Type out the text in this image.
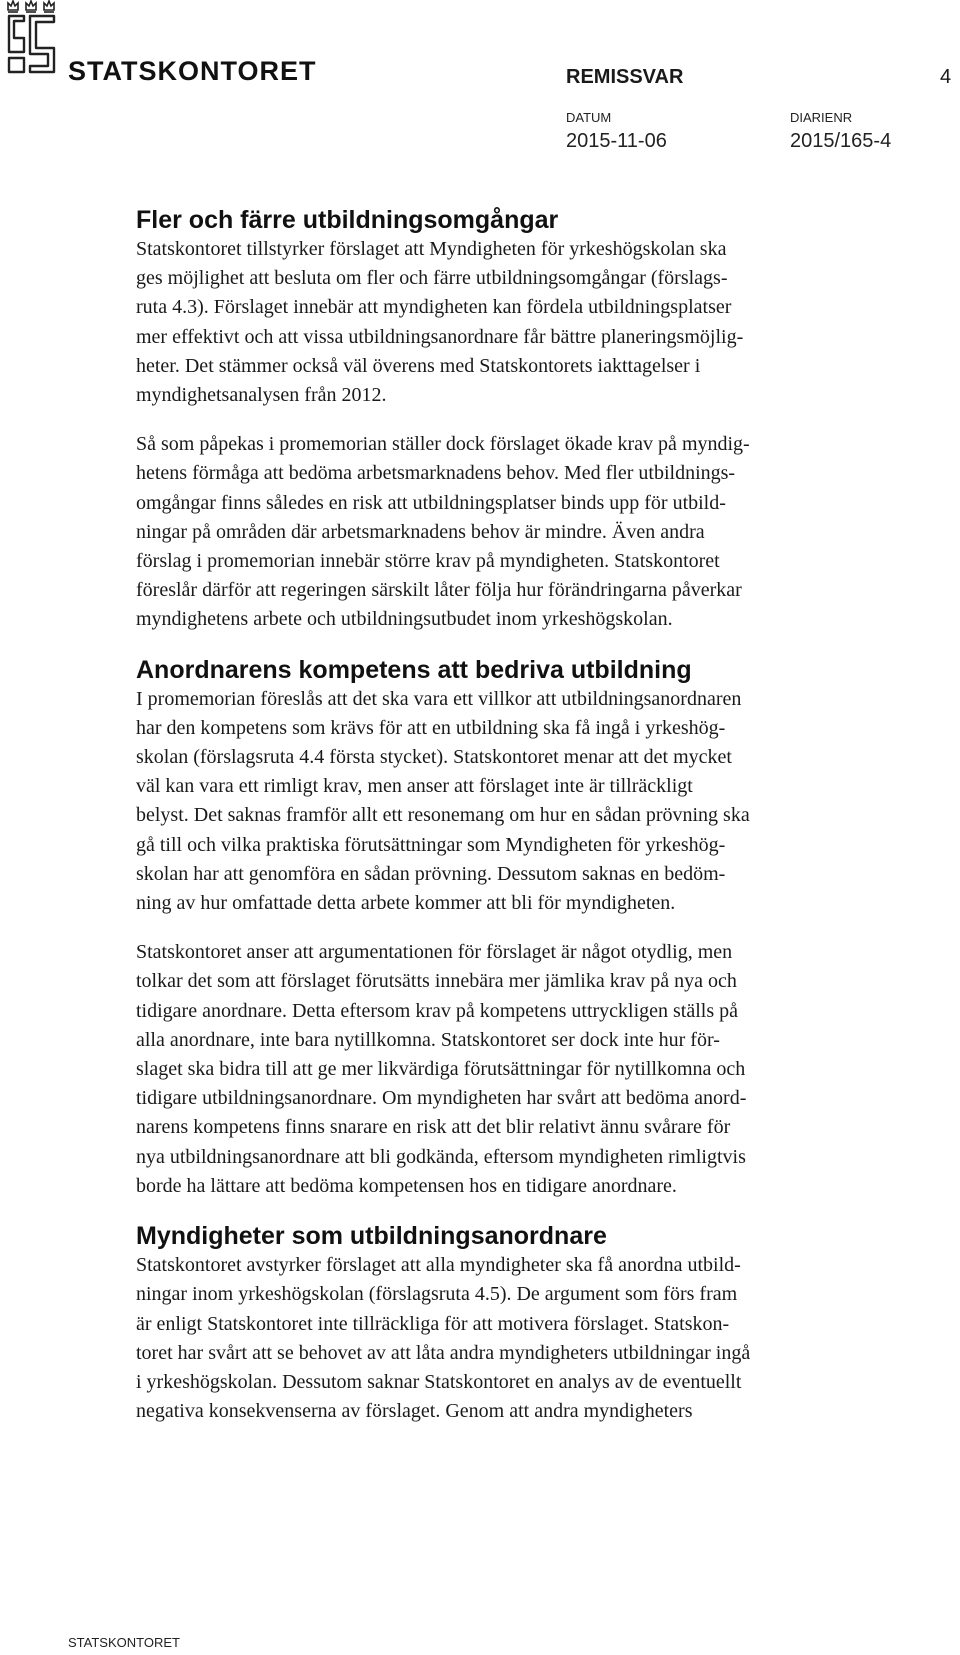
STATSKONTORET	REMISSVAR	4
DATUM
2015-11-06
DIARIENR
2015/165-4
Fler och färre utbildningsomgångar

Statskontoret tillstyrker förslaget att Myndigheten för yrkeshögskolan ska
ges möjlighet att besluta om fler och färre utbildningsomgångar (förslags-
ruta 4.3). Förslaget innebär att myndigheten kan fördela utbildningsplatser
mer effektivt och att vissa utbildningsanordnare får bättre planeringsmöjlig-
heter. Det stämmer också väl överens med Statskontorets iakttagelser i
myndighetsanalysen från 2012.

Så som påpekas i promemorian ställer dock förslaget ökade krav på myndig-
hetens förmåga att bedöma arbetsmarknadens behov. Med fler utbildnings-
omgångar finns således en risk att utbildningsplatser binds upp för utbild-
ningar på områden där arbetsmarknadens behov är mindre. Även andra
förslag i promemorian innebär större krav på myndigheten. Statskontoret
föreslår därför att regeringen särskilt låter följa hur förändringarna påverkar
myndighetens arbete och utbildningsutbudet inom yrkeshögskolan.

Anordnarens kompetens att bedriva utbildning

I promemorian föreslås att det ska vara ett villkor att utbildningsanordnaren
har den kompetens som krävs för att en utbildning ska få ingå i yrkeshög-
skolan (förslagsruta 4.4 första stycket). Statskontoret menar att det mycket
väl kan vara ett rimligt krav, men anser att förslaget inte är tillräckligt
belyst. Det saknas framför allt ett resonemang om hur en sådan prövning ska
gå till och vilka praktiska förutsättningar som Myndigheten för yrkeshög-
skolan har att genomföra en sådan prövning. Dessutom saknas en bedöm-
ning av hur omfattade detta arbete kommer att bli för myndigheten.

Statskontoret anser att argumentationen för förslaget är något otydlig, men
tolkar det som att förslaget förutsätts innebära mer jämlika krav på nya och
tidigare anordnare. Detta eftersom krav på kompetens uttryckligen ställs på
alla anordnare, inte bara nytillkomna. Statskontoret ser dock inte hur för-
slaget ska bidra till att ge mer likvärdiga förutsättningar för nytillkomna och
tidigare utbildningsanordnare. Om myndigheten har svårt att bedöma anord-
narens kompetens finns snarare en risk att det blir relativt ännu svårare för
nya utbildningsanordnare att bli godkända, eftersom myndigheten rimligtvis
borde ha lättare att bedöma kompetensen hos en tidigare anordnare.

Myndigheter som utbildningsanordnare

Statskontoret avstyrker förslaget att alla myndigheter ska få anordna utbild-
ningar inom yrkeshögskolan (förslagsruta 4.5). De argument som förs fram
är enligt Statskontoret inte tillräckliga för att motivera förslaget. Statskon-
toret har svårt att se behovet av att låta andra myndigheters utbildningar ingå
i yrkeshögskolan. Dessutom saknar Statskontoret en analys av de eventuellt
negativa konsekvenserna av förslaget. Genom att andra myndigheters

STATSKONTORET
